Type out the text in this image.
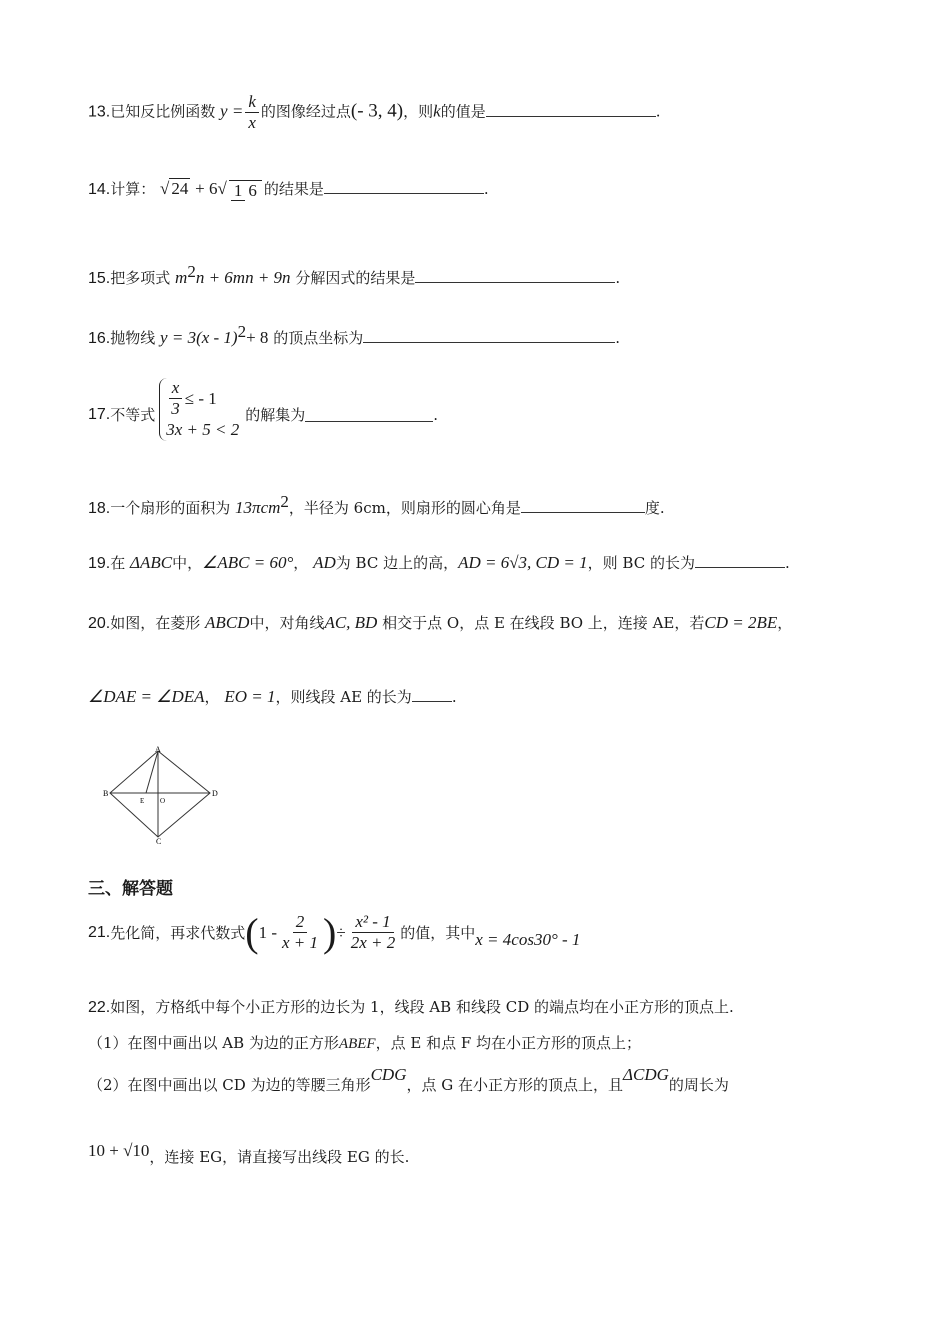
13.已知反比例函数 $y = \frac{k}{x}$ 的图像经过点(- 3, 4)，则k的值是	.
14.计算： √ 24 + 6√ 1 6 的结果是	.
15.把多项式 $m^2n + 6mn + 9n$ 分解因式的结果是	.
16.抛物线 y = 3(x - 1)$^2$+ 8 的顶点坐标为	.
17. 不等式 $\frac{x}{3}$ ≤ - 1
3x + 5 < 2
的解集为	.
18.一个扇形的面积为 13πcm$^2$，半径为 6cm，则扇形的圆心角是	度.
19.在 ΔABC中，∠ABC = 60°， AD为 BC 边上的高，AD = 6√3, CD = 1，则 BC 的长为	.
20.如图，在菱形 ABCD中，对角线AC, BD 相交于点 O，点 E 在线段 BO 上，连接 AE，若CD = 2BE，
∠DAE = ∠DEA， EO = 1，则线段 AE 的长为	.
A
B
C
D
E O
三、解答题
21. 先化简，再求代数式 ( $1 - \frac{2}{x + 1}$ ) ÷ $\frac{\text{x² - 1}}{2x + 2}$ 的值，其中 x = 4cos30° - 1
22.如图，方格纸中每个小正方形的边长为 1，线段 AB 和线段 CD 的端点均在小正方形的顶点上.
（1）在图中画出以 AB 为边的正方形ABEF，点 E 和点 F 均在小正方形的顶点上；
（2）在图中画出以 CD 为边的等腰三角形CDG，点 G 在小正方形的顶点上，且ΔCDG的周长为
10 + √10，连接 EG，请直接写出线段 EG 的长.
